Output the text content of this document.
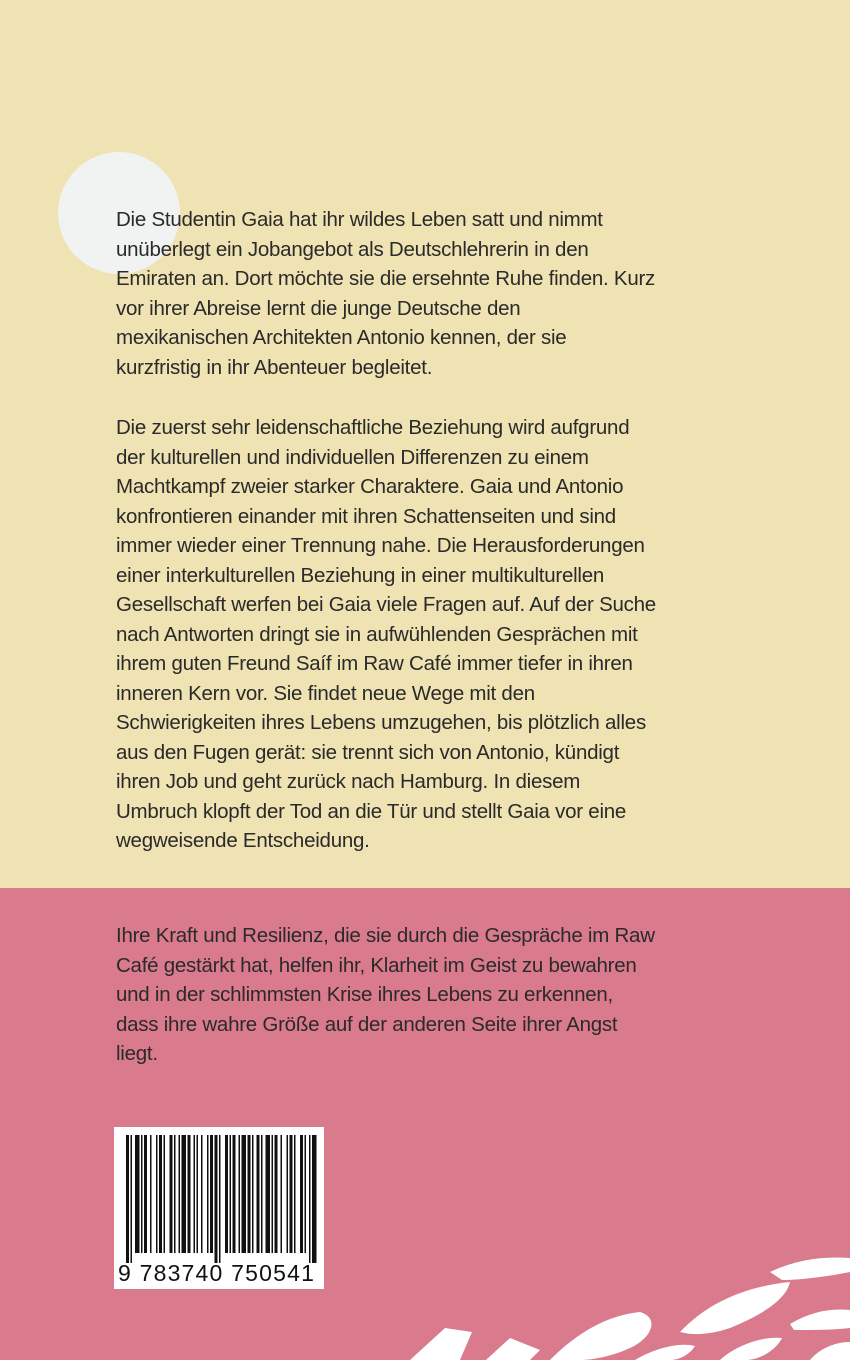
Die Studentin Gaia hat ihr wildes Leben satt und nimmt unüberlegt ein Jobangebot als Deutschlehrerin in den Emiraten an. Dort möchte sie die ersehnte Ruhe finden. Kurz vor ihrer Abreise lernt die junge Deutsche den mexikanischen Architekten Antonio kennen, der sie kurzfristig in ihr Abenteuer begleitet.

Die zuerst sehr leidenschaftliche Beziehung wird aufgrund der kulturellen und individuellen Differenzen zu einem Machtkampf zweier starker Charaktere. Gaia und Antonio konfrontieren einander mit ihren Schattenseiten und sind immer wieder einer Trennung nahe. Die Herausforderungen einer interkulturellen Beziehung in einer multikulturellen Gesellschaft werfen bei Gaia viele Fragen auf. Auf der Suche nach Antworten dringt sie in aufwühlenden Gesprächen mit ihrem guten Freund Saíf im Raw Café immer tiefer in ihren inneren Kern vor. Sie findet neue Wege mit den Schwierigkeiten ihres Lebens umzugehen, bis plötzlich alles aus den Fugen gerät: sie trennt sich von Antonio, kündigt ihren Job und geht zurück nach Hamburg. In diesem Umbruch klopft der Tod an die Tür und stellt Gaia vor eine wegweisende Entscheidung.

Ihre Kraft und Resilienz, die sie durch die Gespräche im Raw Café gestärkt hat, helfen ihr, Klarheit im Geist zu bewahren und in der schlimmsten Krise ihres Lebens zu erkennen, dass ihre wahre Größe auf der anderen Seite ihrer Angst liegt.

9 783740 750541
